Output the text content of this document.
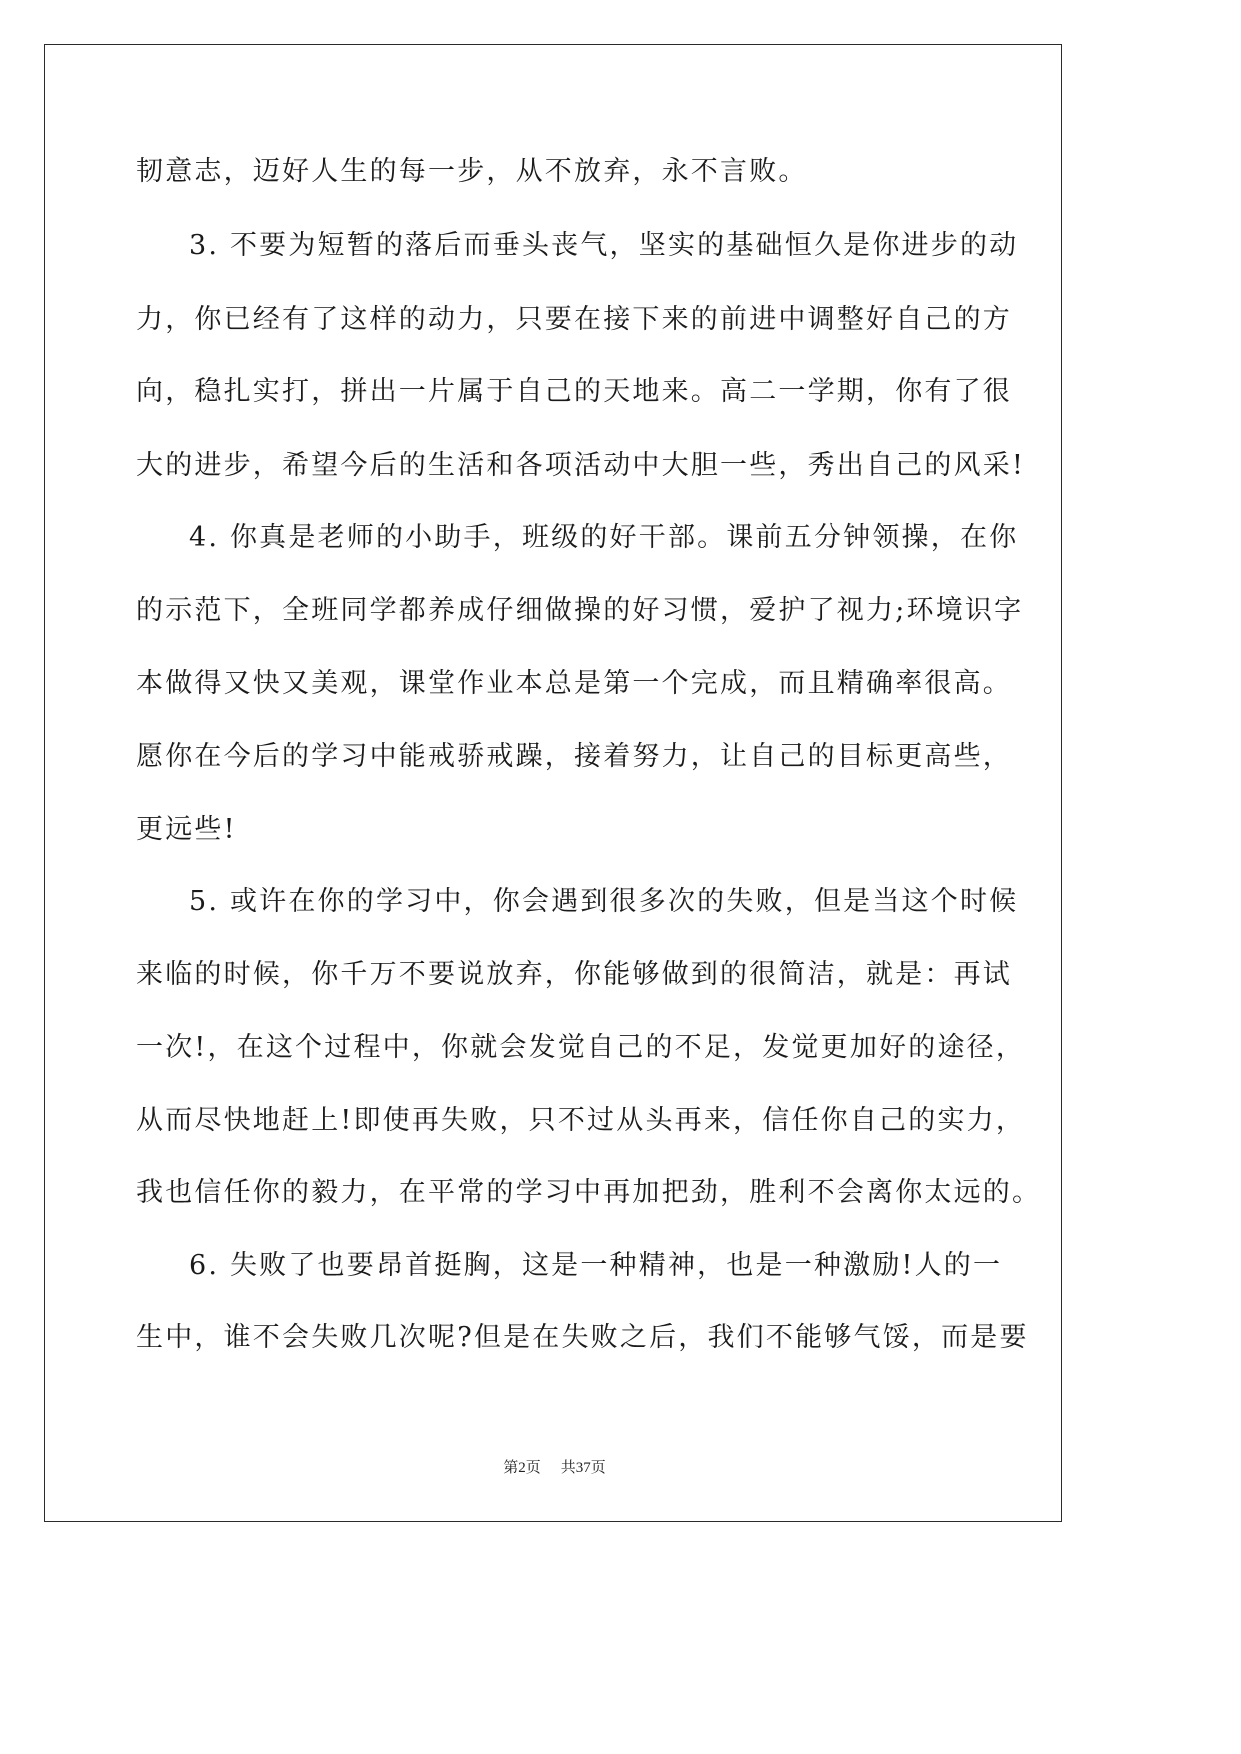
韧意志，迈好人生的每一步，从不放弃，永不言败。
3. 不要为短暂的落后而垂头丧气，坚实的基础恒久是你进步的动
力，你已经有了这样的动力，只要在接下来的前进中调整好自己的方
向，稳扎实打，拼出一片属于自己的天地来。高二一学期，你有了很
大的进步，希望今后的生活和各项活动中大胆一些，秀出自己的风采!
4. 你真是老师的小助手，班级的好干部。课前五分钟领操，在你
的示范下，全班同学都养成仔细做操的好习惯，爱护了视力;环境识字
本做得又快又美观，课堂作业本总是第一个完成，而且精确率很高。
愿你在今后的学习中能戒骄戒躁，接着努力，让自己的目标更高些，
更远些!
5. 或许在你的学习中，你会遇到很多次的失败，但是当这个时候
来临的时候，你千万不要说放弃，你能够做到的很简洁，就是：再试
一次!，在这个过程中，你就会发觉自己的不足，发觉更加好的途径，
从而尽快地赶上!即使再失败，只不过从头再来，信任你自己的实力，
我也信任你的毅力，在平常的学习中再加把劲，胜利不会离你太远的。
6. 失败了也要昂首挺胸，这是一种精神，也是一种激励!人的一
生中，谁不会失败几次呢?但是在失败之后，我们不能够气馁，而是要
第2页 共37页
